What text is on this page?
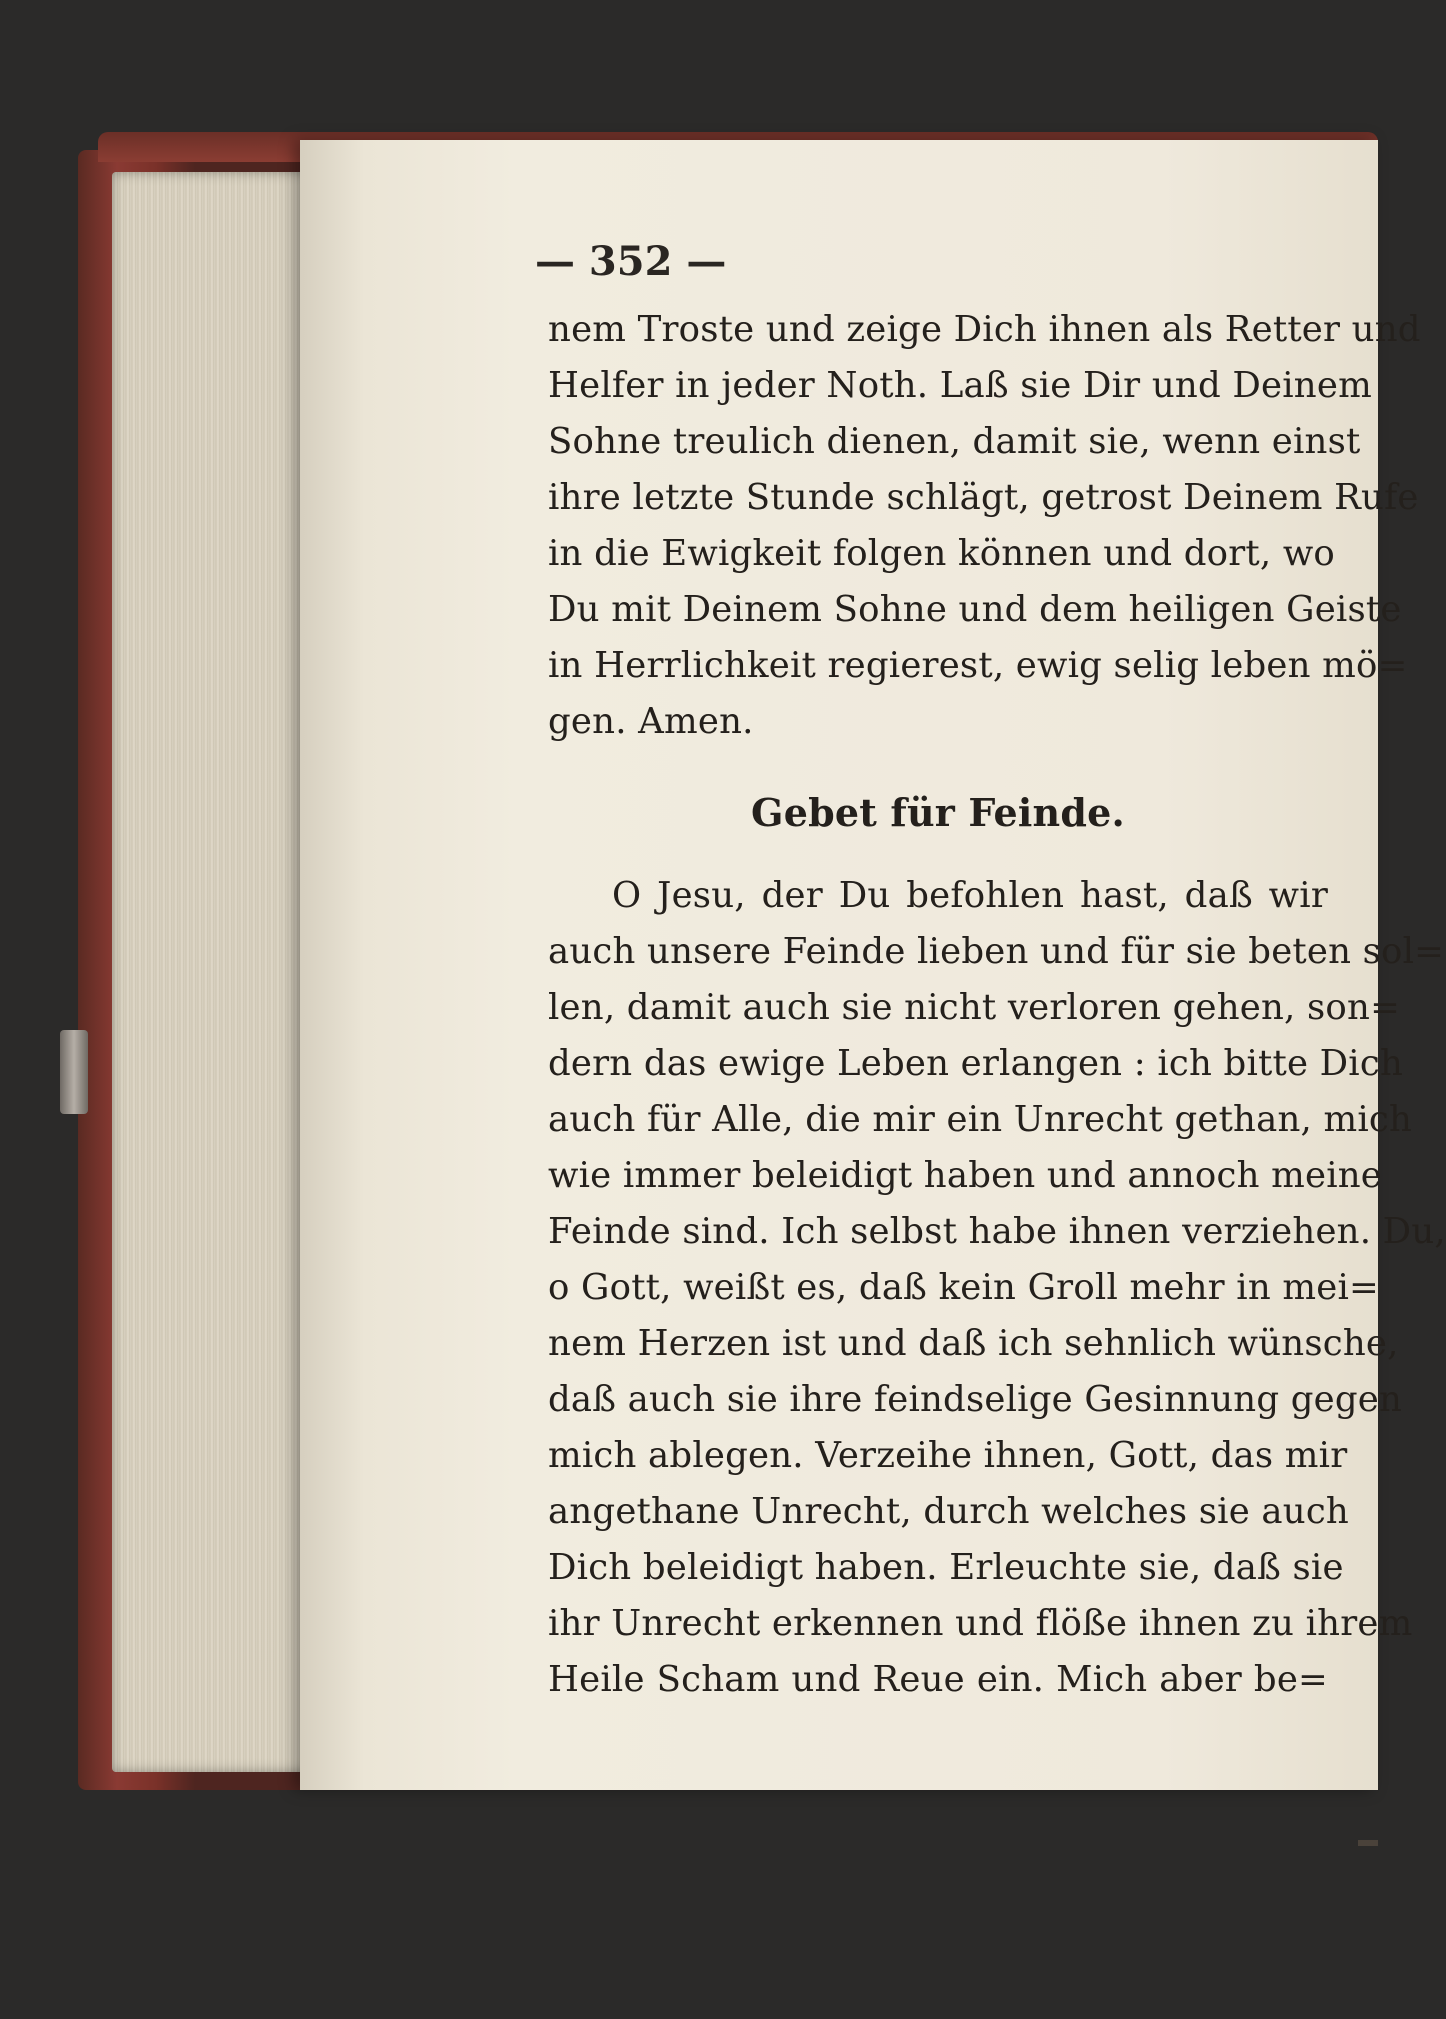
nem Troste und zeige Dich ihnen als Retter und
Helfer in jeder Noth. Laß sie Dir und Deinem
Sohne treulich dienen, damit sie, wenn einst
ihre letzte Stunde schlägt, getrost Deinem Rufe
in die Ewigkeit folgen können und dort, wo
Du mit Deinem Sohne und dem heiligen Geiste
in Herrlichkeit regierest, ewig selig leben mö=
gen. Amen.
Gebet für Feinde.
O Jesu, der Du befohlen hast, daß wir
auch unsere Feinde lieben und für sie beten sol=
len, damit auch sie nicht verloren gehen, son=
dern das ewige Leben erlangen : ich bitte Dich
auch für Alle, die mir ein Unrecht gethan, mich
wie immer beleidigt haben und annoch meine
Feinde sind. Ich selbst habe ihnen verziehen. Du,
o Gott, weißt es, daß kein Groll mehr in mei=
nem Herzen ist und daß ich sehnlich wünsche,
daß auch sie ihre feindselige Gesinnung gegen
mich ablegen. Verzeihe ihnen, Gott, das mir
angethane Unrecht, durch welches sie auch
Dich beleidigt haben. Erleuchte sie, daß sie
ihr Unrecht erkennen und flöße ihnen zu ihrem
Heile Scham und Reue ein. Mich aber be=
